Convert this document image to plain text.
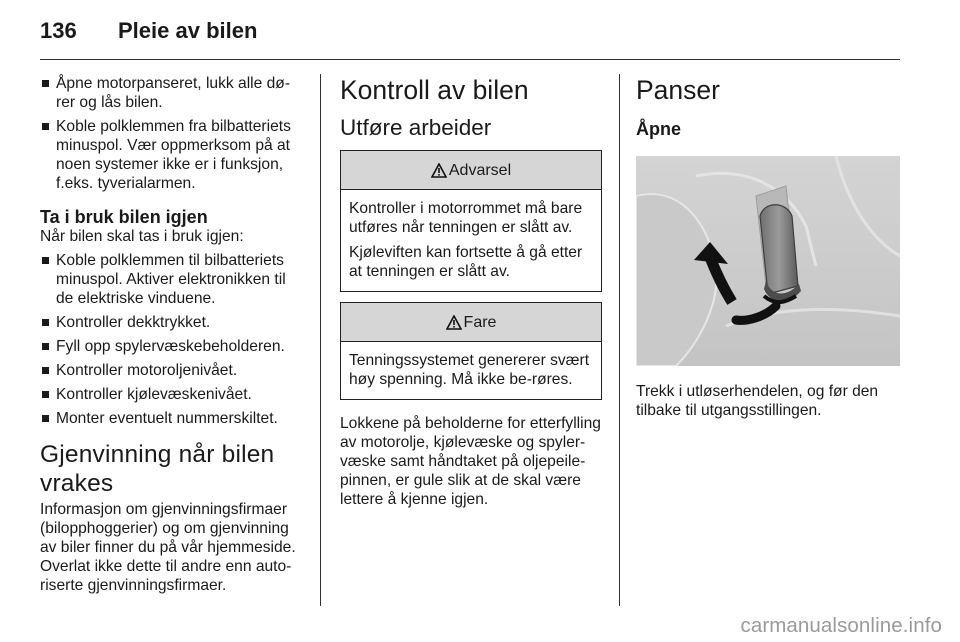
136 Pleie av bilen
Åpne motorpanseret, lukk alle dø-
rer og lås bilen.
Koble polklemmen fra bilbatteriets minuspol. Vær oppmerksom på at noen systemer ikke er i funksjon, f.eks. tyverialarmen.
Ta i bruk bilen igjen

Når bilen skal tas i bruk igjen:

Koble polklemmen til bilbatteriets minuspol. Aktiver elektronikken til de elektriske vinduene.
Kontroller dekktrykket.
Fyll opp spylervæskebeholderen.
Kontroller motoroljenivået.
Kontroller kjølevæskenivået.
Monter eventuelt nummerskiltet.
Gjenvinning når bilen
vrakes

Informasjon om gjenvinningsfirmaer (bilopphoggerier) og om gjenvinning av biler finner du på vår hjemmeside. Overlat ikke dette til andre enn auto-riserte gjenvinningsfirmaer.

Kontroll av bilen
Utføre arbeider
Advarsel

Kontroller i motorrommet må bare utføres når tenningen er slått av.

Kjøleviften kan fortsette å gå etter at tenningen er slått av.

Fare

Tenningssystemet genererer svært høy spenning. Må ikke be-røres.

Lokkene på beholderne for etterfylling av motorolje, kjølevæske og spyler-væske samt håndtaket på oljepeile-pinnen, er gule slik at de skal være lettere å kjenne igjen.

Panser
Åpne

Trekk i utløserhendelen, og før den tilbake til utgangsstillingen.

carmanualsonline.info
